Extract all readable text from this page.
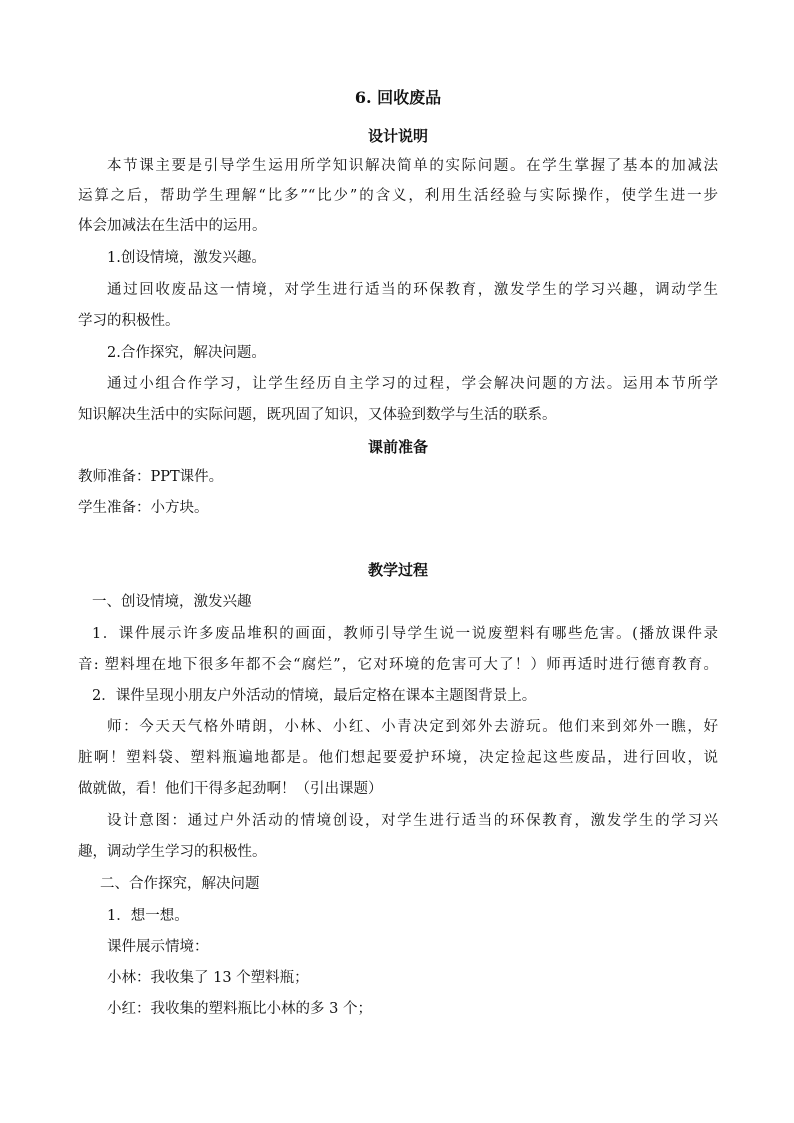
6. 回收废品
设计说明
本节课主要是引导学生运用所学知识解决简单的实际问题。在学生掌握了基本的加减法
运算之后，帮助学生理解“比多”“比少”的含义，利用生活经验与实际操作，使学生进一步
体会加减法在生活中的运用。
1.创设情境，激发兴趣。
通过回收废品这一情境，对学生进行适当的环保教育，激发学生的学习兴趣，调动学生
学习的积极性。
2.合作探究，解决问题。
通过小组合作学习，让学生经历自主学习的过程，学会解决问题的方法。运用本节所学
知识解决生活中的实际问题，既巩固了知识，又体验到数学与生活的联系。
课前准备
教师准备：PPT课件。
学生准备：小方块。
教学过程
一、创设情境，激发兴趣
1．课件展示许多废品堆积的画面，教师引导学生说一说废塑料有哪些危害。(播放课件录
音: 塑料埋在地下很多年都不会“腐烂”，它对环境的危害可大了！）师再适时进行德育教育。
2．课件呈现小朋友户外活动的情境，最后定格在课本主题图背景上。
师：今天天气格外晴朗，小林、小红、小青决定到郊外去游玩。他们来到郊外一瞧，好
脏啊！塑料袋、塑料瓶遍地都是。他们想起要爱护环境，决定捡起这些废品，进行回收，说
做就做，看！他们干得多起劲啊！（引出课题）
设计意图：通过户外活动的情境创设，对学生进行适当的环保教育，激发学生的学习兴
趣，调动学生学习的积极性。
二、合作探究，解决问题
1．想一想。
课件展示情境：
小林：我收集了 13 个塑料瓶；
小红：我收集的塑料瓶比小林的多 3 个；
